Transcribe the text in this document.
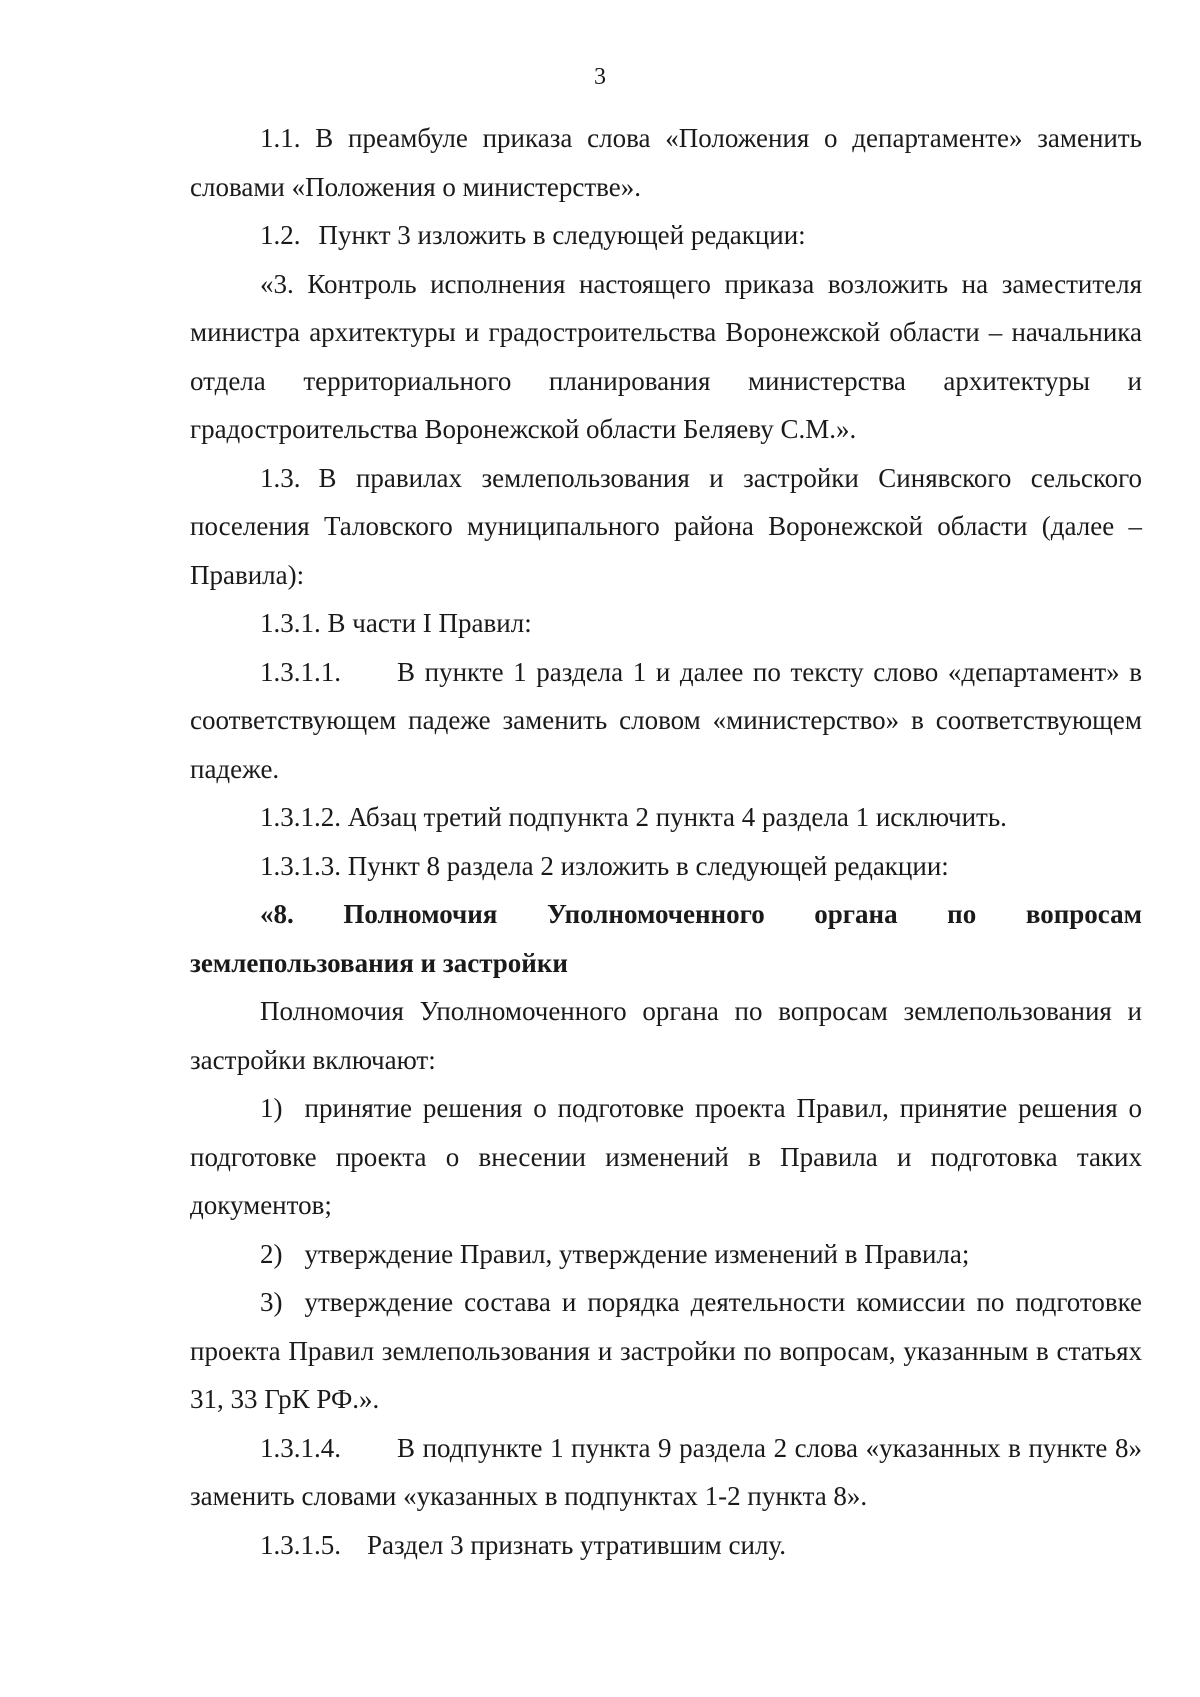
3

1.1. В преамбуле приказа слова «Положения о департаменте» заменить словами «Положения о министерстве».

1.2. Пункт 3 изложить в следующей редакции:

«3. Контроль исполнения настоящего приказа возложить на заместителя министра архитектуры и градостроительства Воронежской области – начальника отдела территориального планирования министерства архитектуры и градостроительства Воронежской области Беляеву С.М.».

1.3. В правилах землепользования и застройки Синявского сельского поселения Таловского муниципального района Воронежской области (далее – Правила):

1.3.1. В части I Правил:

1.3.1.1. В пункте 1 раздела 1 и далее по тексту слово «департамент» в соответствующем падеже заменить словом «министерство» в соответствующем падеже.

1.3.1.2. Абзац третий подпункта 2 пункта 4 раздела 1 исключить.

1.3.1.3. Пункт 8 раздела 2 изложить в следующей редакции:

«8. Полномочия Уполномоченного органа по вопросам землепользования и застройки

Полномочия Уполномоченного органа по вопросам землепользования и застройки включают:

1) принятие решения о подготовке проекта Правил, принятие решения о подготовке проекта о внесении изменений в Правила и подготовка таких документов;

2) утверждение Правил, утверждение изменений в Правила;

3) утверждение состава и порядка деятельности комиссии по подготовке проекта Правил землепользования и застройки по вопросам, указанным в статьях 31, 33 ГрК РФ.».

1.3.1.4. В подпункте 1 пункта 9 раздела 2 слова «указанных в пункте 8» заменить словами «указанных в подпунктах 1-2 пункта 8».

1.3.1.5. Раздел 3 признать утратившим силу.
